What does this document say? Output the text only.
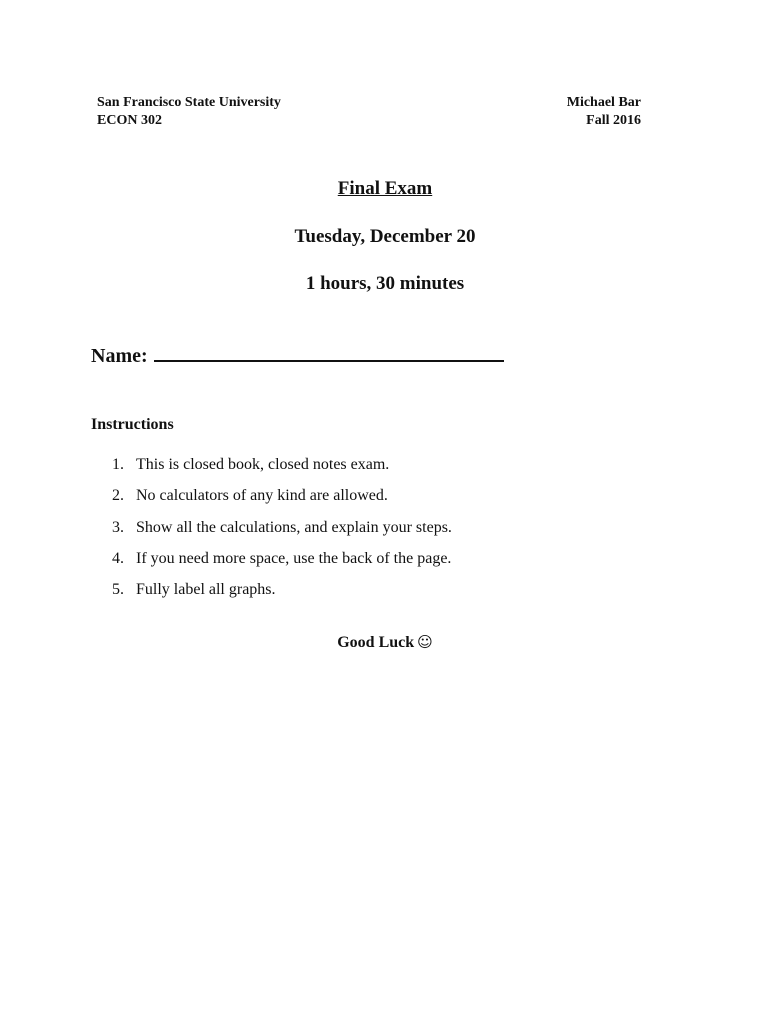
San Francisco State University
ECON 302
Michael Bar
Fall 2016
Final Exam
Tuesday, December 20
1 hours, 30 minutes
Name:
Instructions
1. This is closed book, closed notes exam.
2. No calculators of any kind are allowed.
3. Show all the calculations, and explain your steps.
4. If you need more space, use the back of the page.
5. Fully label all graphs.
Good Luck ☺
